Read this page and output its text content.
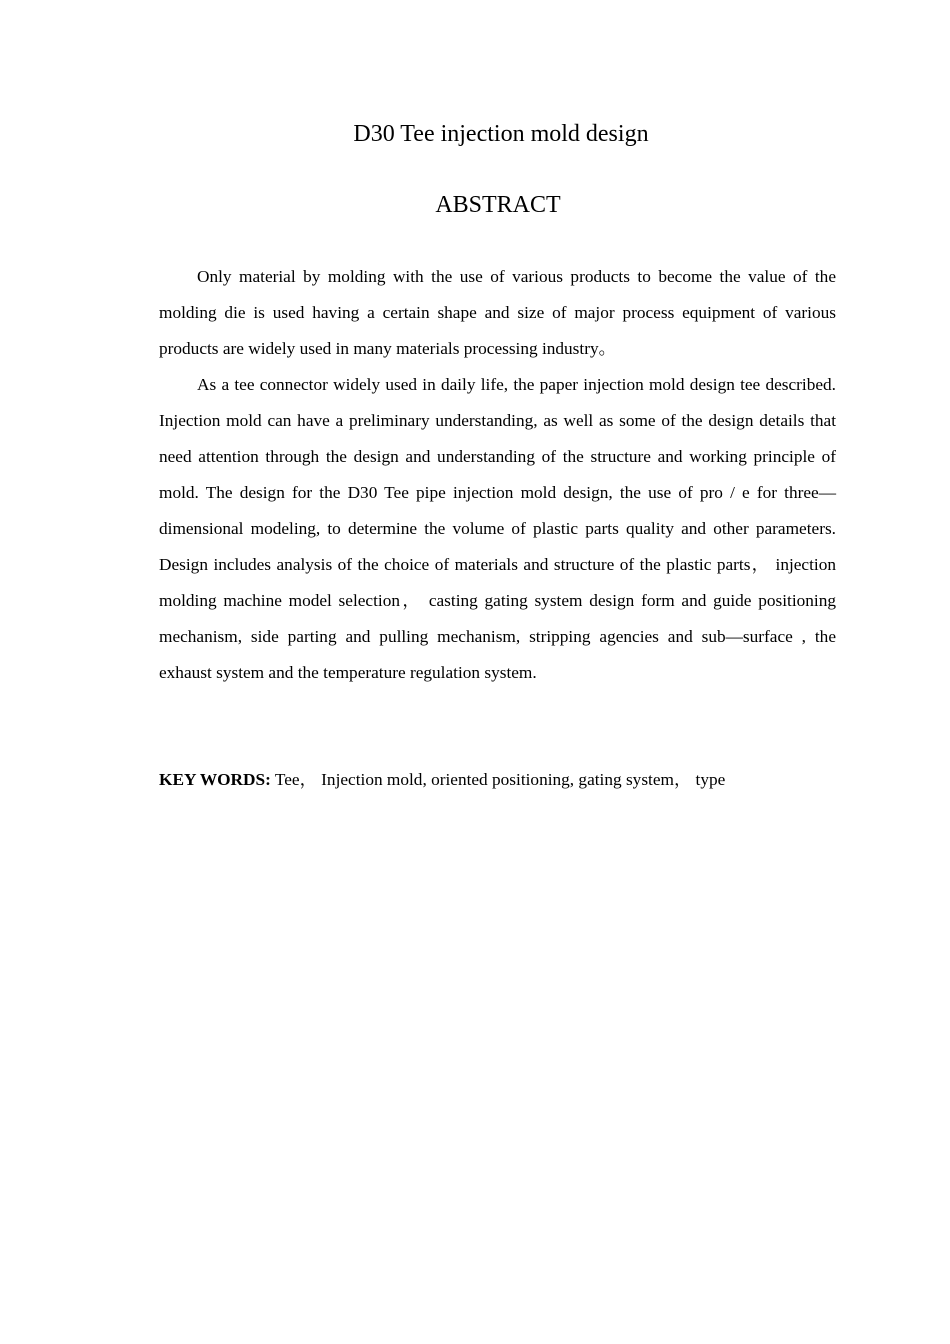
D30 Tee injection mold design
ABSTRACT

Only material by molding with the use of various products to become the value of the molding die is used having a certain shape and size of major process equipment of various products are widely used in many materials processing industry。

As a tee connector widely used in daily life, the paper injection mold design tee described. Injection mold can have a preliminary understanding, as well as some of the design details that need attention through the design and understanding of the structure and working principle of mold. The design for the D30 Tee pipe injection mold design, the use of pro / e for three—dimensional modeling, to determine the volume of plastic parts quality and other parameters. Design includes analysis of the choice of materials and structure of the plastic parts， injection molding machine model selection， casting gating system design form and guide positioning mechanism, side parting and pulling mechanism, stripping agencies and sub—surface , the exhaust system and the temperature regulation system.

KEY WORDS: Tee， Injection mold, oriented positioning, gating system， type
